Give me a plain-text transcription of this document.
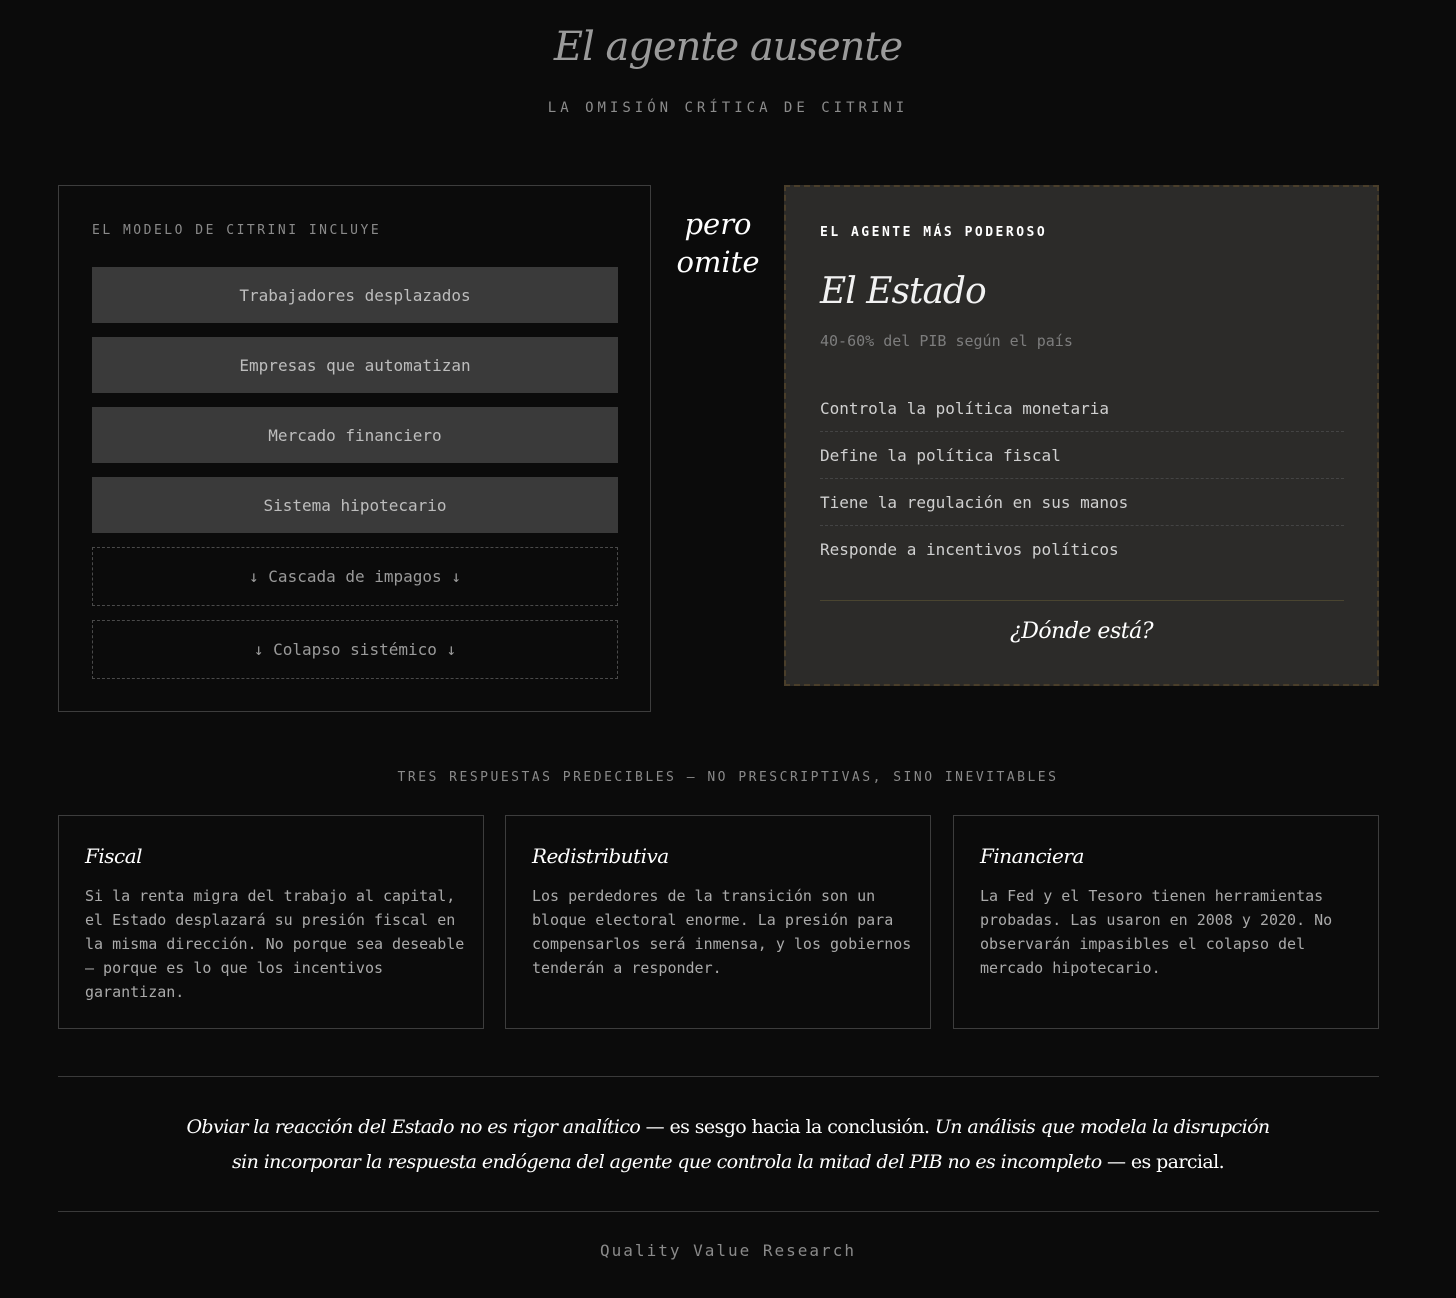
El agente ausente
LA OMISIÓN CRÍTICA DE CITRINI
EL MODELO DE CITRINI INCLUYE
Trabajadores desplazados
Empresas que automatizan
Mercado financiero
Sistema hipotecario
↓ Cascada de impagos ↓
↓ Colapso sistémico ↓
pero
omite
EL AGENTE MÁS PODEROSO
El Estado
40-60% del PIB según el país
Controla la política monetaria
Define la política fiscal
Tiene la regulación en sus manos
Responde a incentivos políticos
¿Dónde está?
TRES RESPUESTAS PREDECIBLES — NO PRESCRIPTIVAS, SINO INEVITABLES
Fiscal
Si la renta migra del trabajo al capital, el Estado desplazará su presión fiscal en la misma dirección. No porque sea deseable — porque es lo que los incentivos garantizan.
Redistributiva
Los perdedores de la transición son un bloque electoral enorme. La presión para compensarlos será inmensa, y los gobiernos tenderán a responder.
Financiera
La Fed y el Tesoro tienen herramientas probadas. Las usaron en 2008 y 2020. No observarán impasibles el colapso del mercado hipotecario.
Obviar la reacción del Estado no es rigor analítico — es sesgo hacia la conclusión. Un análisis que modela la disrupción sin incorporar la respuesta endógena del agente que controla la mitad del PIB no es incompleto — es parcial.
Quality Value Research
